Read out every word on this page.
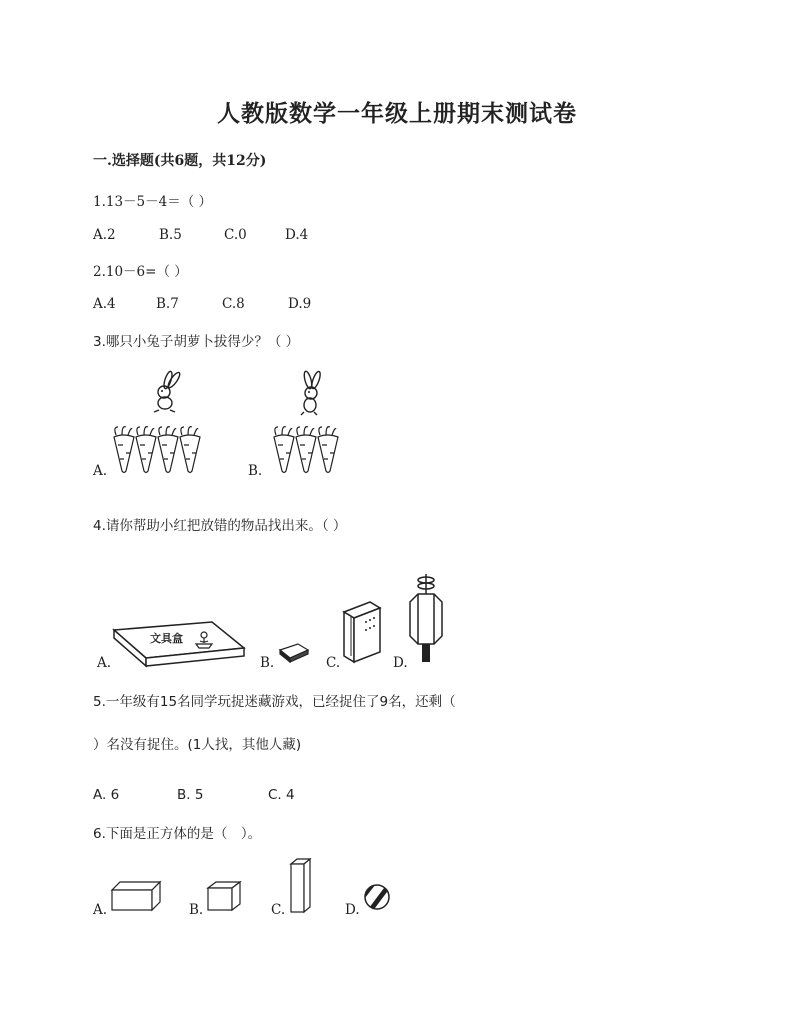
人教版数学一年级上册期末测试卷
一.选择题(共6题，共12分)
1.13－5－4＝（ ）
A.2	B.5	C.0	D.4
2.10－6=（ ）
A.4	B.7	C.8	D.9
3.哪只小兔子胡萝卜拔得少？（ ）
A.	B.
4.请你帮助小红把放错的物品找出来。（ ）
A.	B.	C.	D.
文具盒
5.一年级有15名同学玩捉迷藏游戏，已经捉住了9名，还剩（
）名没有捉住。(1人找，其他人藏)
A. 6	B. 5	C. 4
6.下面是正方体的是（　）。
A.	B.	C.	D.
